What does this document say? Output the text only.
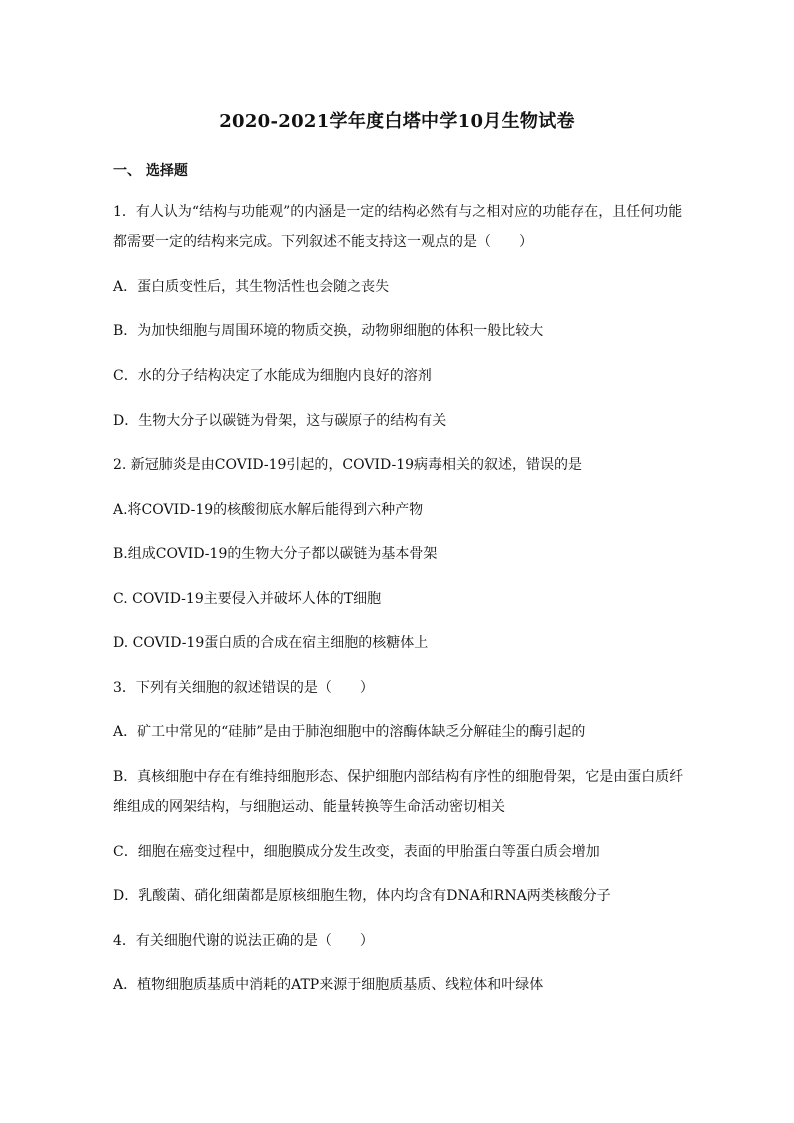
2020-2021学年度白塔中学10月生物试卷
一、 选择题
1．有人认为“结构与功能观”的内涵是一定的结构必然有与之相对应的功能存在，且任何功能
都需要一定的结构来完成。下列叙述不能支持这一观点的是（　　）
A．蛋白质变性后，其生物活性也会随之丧失
B．为加快细胞与周围环境的物质交换，动物卵细胞的体积一般比较大
C．水的分子结构决定了水能成为细胞内良好的溶剂
D．生物大分子以碳链为骨架，这与碳原子的结构有关
2. 新冠肺炎是由COVID-19引起的，COVID-19病毒相关的叙述，错误的是
A.将COVID-19的核酸彻底水解后能得到六种产物
B.组成COVID-19的生物大分子都以碳链为基本骨架
C. COVID-19主要侵入并破坏人体的T细胞
D. COVID-19蛋白质的合成在宿主细胞的核糖体上
3．下列有关细胞的叙述错误的是（　　）
A．矿工中常见的“硅肺”是由于肺泡细胞中的溶酶体缺乏分解硅尘的酶引起的
B．真核细胞中存在有维持细胞形态、保护细胞内部结构有序性的细胞骨架，它是由蛋白质纤
维组成的网架结构，与细胞运动、能量转换等生命活动密切相关
C．细胞在癌变过程中，细胞膜成分发生改变，表面的甲胎蛋白等蛋白质会增加
D．乳酸菌、硝化细菌都是原核细胞生物，体内均含有DNA和RNA两类核酸分子
4．有关细胞代谢的说法正确的是（　　）
A．植物细胞质基质中消耗的ATP来源于细胞质基质、线粒体和叶绿体
